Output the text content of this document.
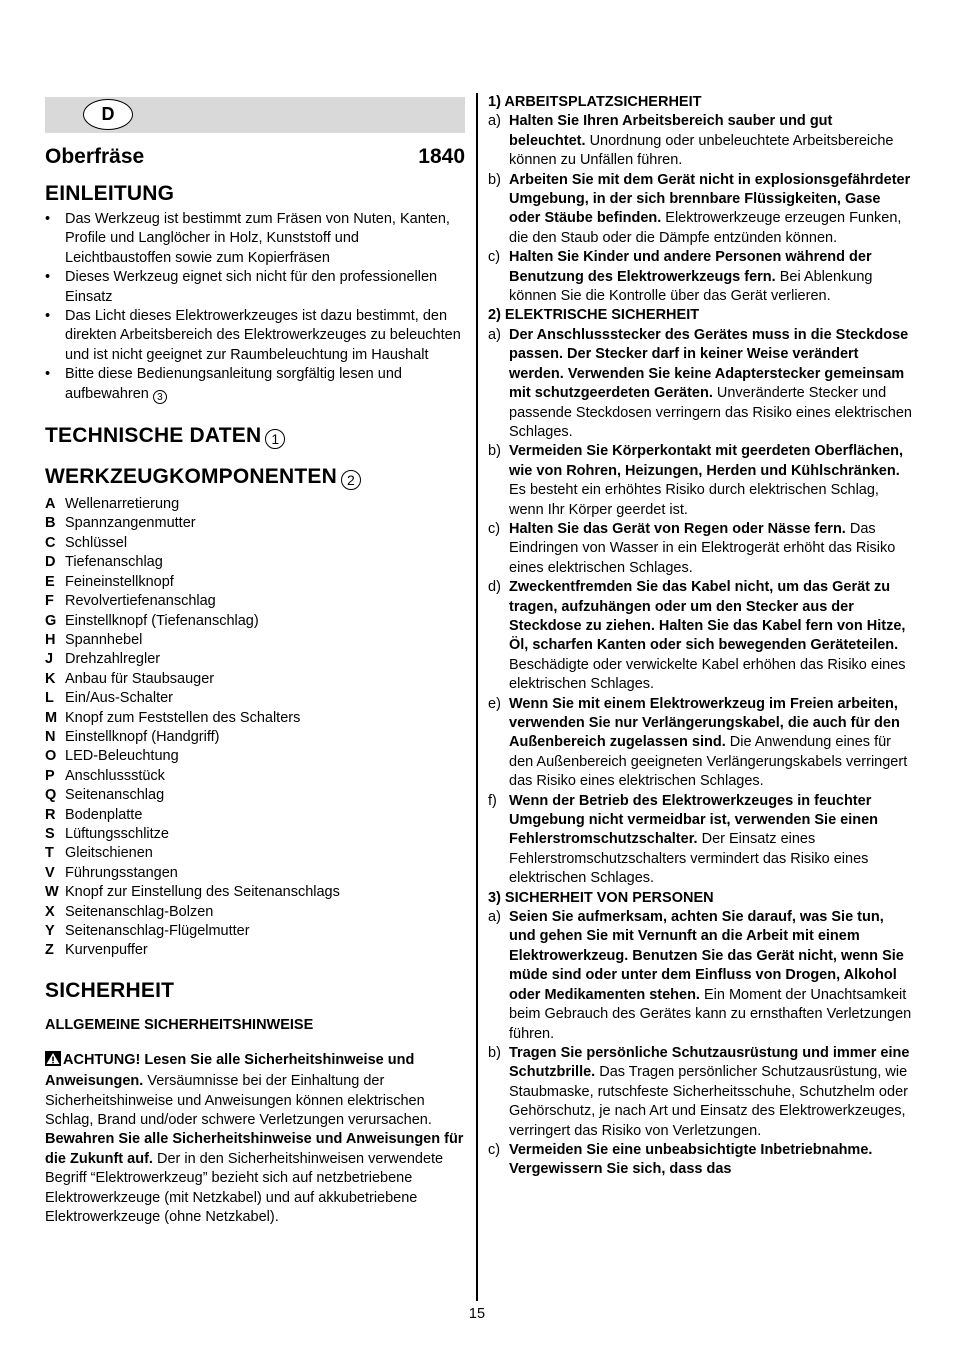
D
Oberfräse	1840
EINLEITUNG
• Das Werkzeug ist bestimmt zum Fräsen von Nuten, Kanten, Profile und Langlöcher in Holz, Kunststoff und Leichtbaustoffen sowie zum Kopierfräsen
• Dieses Werkzeug eignet sich nicht für den professionellen Einsatz
• Das Licht dieses Elektrowerkzeuges ist dazu bestimmt, den direkten Arbeitsbereich des Elektrowerkzeuges zu beleuchten und ist nicht geeignet zur Raumbeleuchtung im Haushalt
• Bitte diese Bedienungsanleitung sorgfältig lesen und aufbewahren 3
TECHNISCHE DATEN 1
WERKZEUGKOMPONENTEN 2
A Wellenarretierung
B Spannzangenmutter
C Schlüssel
D Tiefenanschlag
E Feineinstellknopf
F Revolvertiefenanschlag
G Einstellknopf (Tiefenanschlag)
H Spannhebel
J Drehzahlregler
K Anbau für Staubsauger
L Ein/Aus-Schalter
M Knopf zum Feststellen des Schalters
N Einstellknopf (Handgriff)
O LED-Beleuchtung
P Anschlussstück
Q Seitenanschlag
R Bodenplatte
S Lüftungsschlitze
T Gleitschienen
V Führungsstangen
W Knopf zur Einstellung des Seitenanschlags
X Seitenanschlag-Bolzen
Y Seitenanschlag-Flügelmutter
Z Kurvenpuffer
SICHERHEIT
ALLGEMEINE SICHERHEITSHINWEISE
ACHTUNG! Lesen Sie alle Sicherheitshinweise und Anweisungen. Versäumnisse bei der Einhaltung der Sicherheitshinweise und Anweisungen können elektrischen Schlag, Brand und/oder schwere Verletzungen verursachen. Bewahren Sie alle Sicherheitshinweise und Anweisungen für die Zukunft auf. Der in den Sicherheitshinweisen verwendete Begriff “Elektrowerkzeug” bezieht sich auf netzbetriebene Elektrowerkzeuge (mit Netzkabel) und auf akkubetriebene Elektrowerkzeuge (ohne Netzkabel).
1) ARBEITSPLATZSICHERHEIT
a) Halten Sie Ihren Arbeitsbereich sauber und gut beleuchtet. Unordnung oder unbeleuchtete Arbeitsbereiche können zu Unfällen führen.
b) Arbeiten Sie mit dem Gerät nicht in explosionsgefährdeter Umgebung, in der sich brennbare Flüssigkeiten, Gase oder Stäube befinden. Elektrowerkzeuge erzeugen Funken, die den Staub oder die Dämpfe entzünden können.
c) Halten Sie Kinder und andere Personen während der Benutzung des Elektrowerkzeugs fern. Bei Ablenkung können Sie die Kontrolle über das Gerät verlieren.
2) ELEKTRISCHE SICHERHEIT
a) Der Anschlussstecker des Gerätes muss in die Steckdose passen. Der Stecker darf in keiner Weise verändert werden. Verwenden Sie keine Adapterstecker gemeinsam mit schutzgeerdeten Geräten. Unveränderte Stecker und passende Steckdosen verringern das Risiko eines elektrischen Schlages.
b) Vermeiden Sie Körperkontakt mit geerdeten Oberflächen, wie von Rohren, Heizungen, Herden und Kühlschränken. Es besteht ein erhöhtes Risiko durch elektrischen Schlag, wenn Ihr Körper geerdet ist.
c) Halten Sie das Gerät von Regen oder Nässe fern. Das Eindringen von Wasser in ein Elektrogerät erhöht das Risiko eines elektrischen Schlages.
d) Zweckentfremden Sie das Kabel nicht, um das Gerät zu tragen, aufzuhängen oder um den Stecker aus der Steckdose zu ziehen. Halten Sie das Kabel fern von Hitze, Öl, scharfen Kanten oder sich bewegenden Geräteteilen. Beschädigte oder verwickelte Kabel erhöhen das Risiko eines elektrischen Schlages.
e) Wenn Sie mit einem Elektrowerkzeug im Freien arbeiten, verwenden Sie nur Verlängerungskabel, die auch für den Außenbereich zugelassen sind. Die Anwendung eines für den Außenbereich geeigneten Verlängerungskabels verringert das Risiko eines elektrischen Schlages.
f) Wenn der Betrieb des Elektrowerkzeuges in feuchter Umgebung nicht vermeidbar ist, verwenden Sie einen Fehlerstromschutzschalter. Der Einsatz eines Fehlerstromschutzschalters vermindert das Risiko eines elektrischen Schlages.
3) SICHERHEIT VON PERSONEN
a) Seien Sie aufmerksam, achten Sie darauf, was Sie tun, und gehen Sie mit Vernunft an die Arbeit mit einem Elektrowerkzeug. Benutzen Sie das Gerät nicht, wenn Sie müde sind oder unter dem Einfluss von Drogen, Alkohol oder Medikamenten stehen. Ein Moment der Unachtsamkeit beim Gebrauch des Gerätes kann zu ernsthaften Verletzungen führen.
b) Tragen Sie persönliche Schutzausrüstung und immer eine Schutzbrille. Das Tragen persönlicher Schutzausrüstung, wie Staubmaske, rutschfeste Sicherheitsschuhe, Schutzhelm oder Gehörschutz, je nach Art und Einsatz des Elektrowerkzeuges, verringert das Risiko von Verletzungen.
c) Vermeiden Sie eine unbeabsichtigte Inbetriebnahme. Vergewissern Sie sich, dass das
15
